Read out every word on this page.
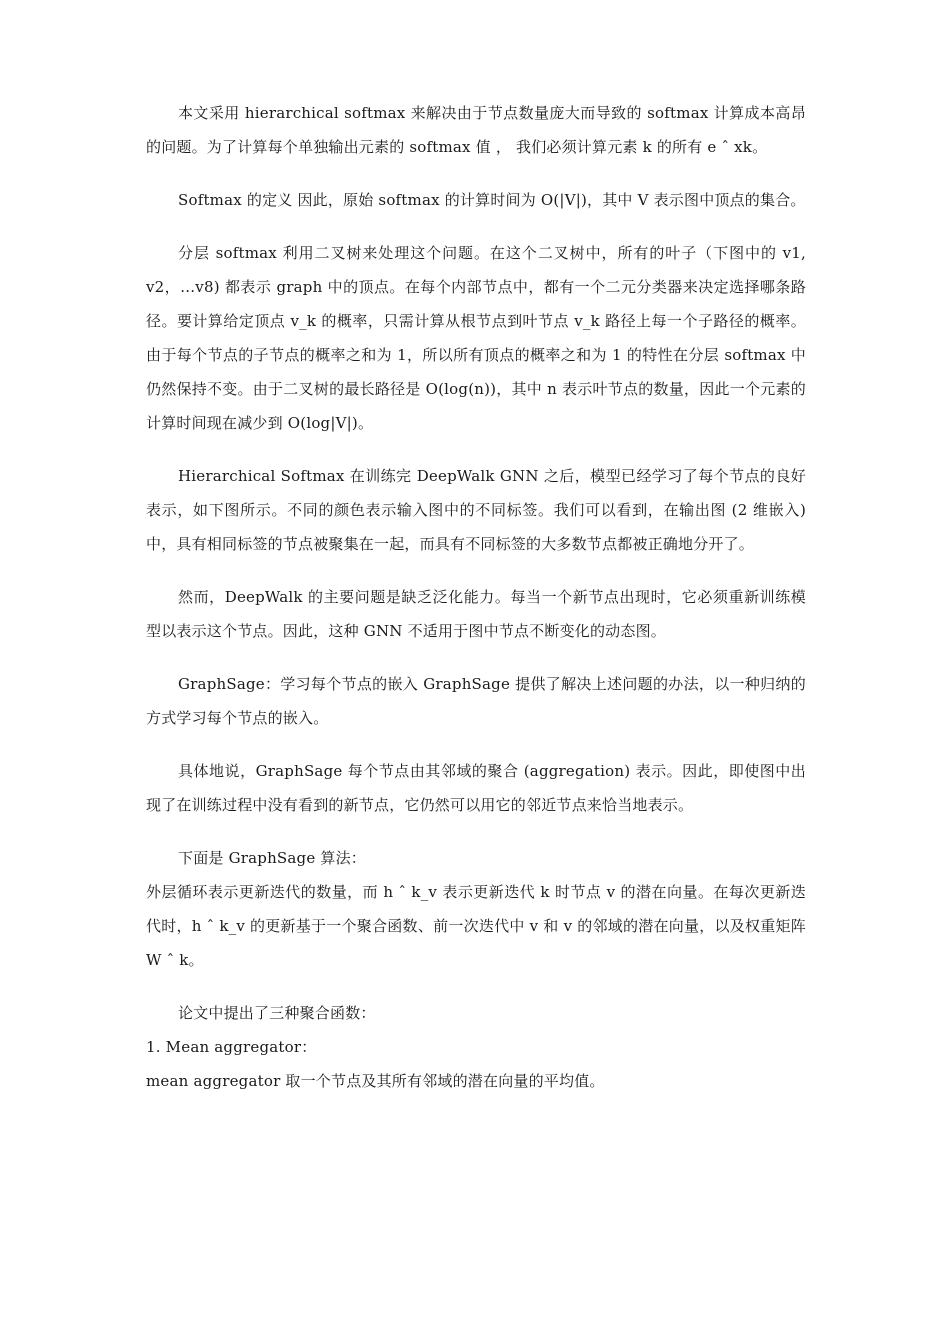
本文采用 hierarchical softmax 来解决由于节点数量庞大而导致的 softmax 计算成本高昂的问题。为了计算每个单独输出元素的 softmax 值 ， 我们必须计算元素 k 的所有 e ˆ xk。

Softmax 的定义 因此，原始 softmax 的计算时间为 O(|V|)，其中 V 表示图中顶点的集合。

分层 softmax 利用二叉树来处理这个问题。在这个二叉树中，所有的叶子（下图中的 v1, v2，…v8) 都表示 graph 中的顶点。在每个内部节点中，都有一个二元分类器来决定选择哪条路径。要计算给定顶点 v_k 的概率，只需计算从根节点到叶节点 v_k 路径上每一个子路径的概率。由于每个节点的子节点的概率之和为 1，所以所有顶点的概率之和为 1 的特性在分层 softmax 中仍然保持不变。由于二叉树的最长路径是 O(log(n))，其中 n 表示叶节点的数量，因此一个元素的计算时间现在减少到 O(log|V|)。

Hierarchical Softmax 在训练完 DeepWalk GNN 之后，模型已经学习了每个节点的良好表示，如下图所示。不同的颜色表示输入图中的不同标签。我们可以看到，在输出图 (2 维嵌入) 中，具有相同标签的节点被聚集在一起，而具有不同标签的大多数节点都被正确地分开了。

然而，DeepWalk 的主要问题是缺乏泛化能力。每当一个新节点出现时，它必须重新训练模型以表示这个节点。因此，这种 GNN 不适用于图中节点不断变化的动态图。

GraphSage：学习每个节点的嵌入 GraphSage 提供了解决上述问题的办法，以一种归纳的方式学习每个节点的嵌入。

具体地说，GraphSage 每个节点由其邻域的聚合 (aggregation) 表示。因此，即使图中出现了在训练过程中没有看到的新节点，它仍然可以用它的邻近节点来恰当地表示。

下面是 GraphSage 算法：

外层循环表示更新迭代的数量，而 h ˆ k_v 表示更新迭代 k 时节点 v 的潜在向量。在每次更新迭代时，h ˆ k_v 的更新基于一个聚合函数、前一次迭代中 v 和 v 的邻域的潜在向量，以及权重矩阵 W ˆ k。

论文中提出了三种聚合函数：

1. Mean aggregator：

mean aggregator 取一个节点及其所有邻域的潜在向量的平均值。
